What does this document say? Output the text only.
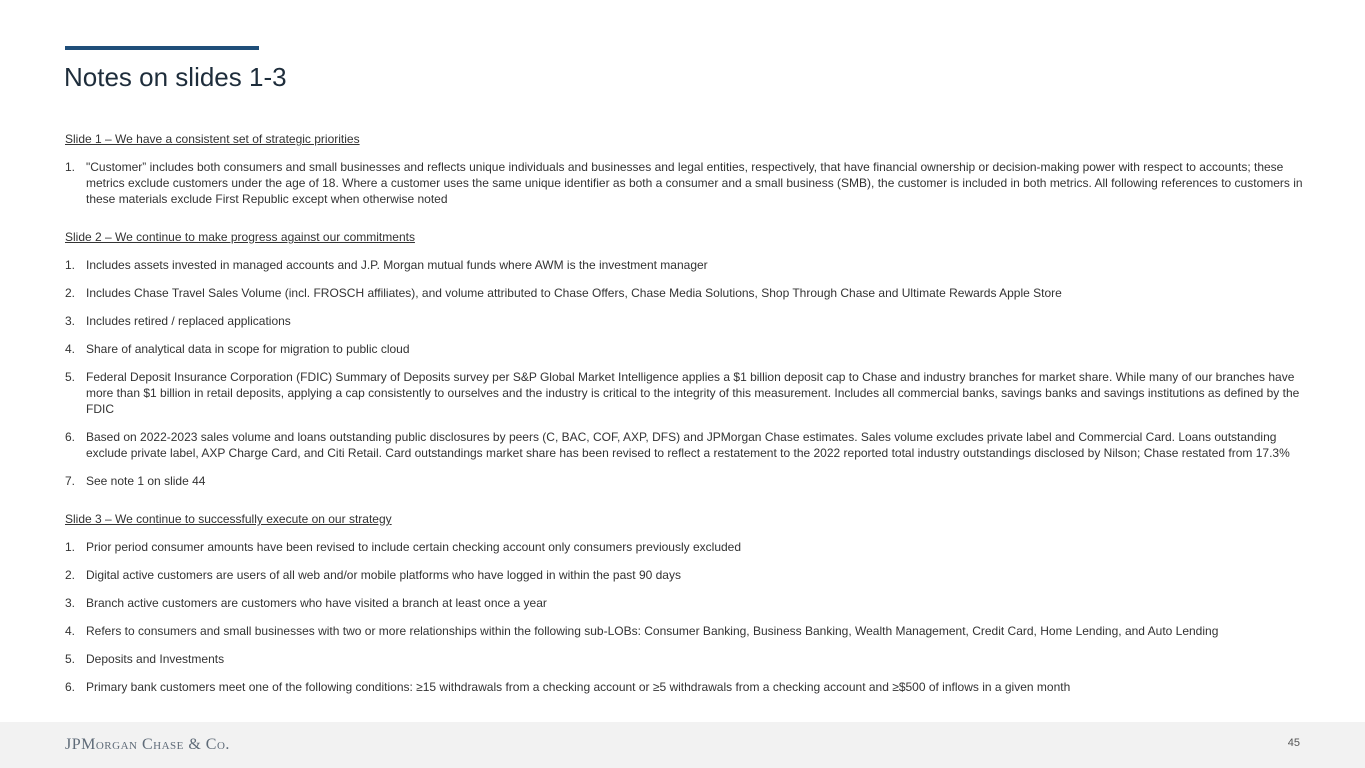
Notes on slides 1-3
Slide 1 – We have a consistent set of strategic priorities
1. "Customer” includes both consumers and small businesses and reflects unique individuals and businesses and legal entities, respectively, that have financial ownership or decision-making power with respect to accounts; these metrics exclude customers under the age of 18. Where a customer uses the same unique identifier as both a consumer and a small business (SMB), the customer is included in both metrics. All following references to customers in these materials exclude First Republic except when otherwise noted
Slide 2 – We continue to make progress against our commitments
1. Includes assets invested in managed accounts and J.P. Morgan mutual funds where AWM is the investment manager
2. Includes Chase Travel Sales Volume (incl. FROSCH affiliates), and volume attributed to Chase Offers, Chase Media Solutions, Shop Through Chase and Ultimate Rewards Apple Store
3. Includes retired / replaced applications
4. Share of analytical data in scope for migration to public cloud
5. Federal Deposit Insurance Corporation (FDIC) Summary of Deposits survey per S&P Global Market Intelligence applies a $1 billion deposit cap to Chase and industry branches for market share. While many of our branches have more than $1 billion in retail deposits, applying a cap consistently to ourselves and the industry is critical to the integrity of this measurement. Includes all commercial banks, savings banks and savings institutions as defined by the FDIC
6. Based on 2022-2023 sales volume and loans outstanding public disclosures by peers (C, BAC, COF, AXP, DFS) and JPMorgan Chase estimates. Sales volume excludes private label and Commercial Card. Loans outstanding exclude private label, AXP Charge Card, and Citi Retail. Card outstandings market share has been revised to reflect a restatement to the 2022 reported total industry outstandings disclosed by Nilson; Chase restated from 17.3%
7. See note 1 on slide 44
Slide 3 – We continue to successfully execute on our strategy
1. Prior period consumer amounts have been revised to include certain checking account only consumers previously excluded
2. Digital active customers are users of all web and/or mobile platforms who have logged in within the past 90 days
3. Branch active customers are customers who have visited a branch at least once a year
4. Refers to consumers and small businesses with two or more relationships within the following sub-LOBs: Consumer Banking, Business Banking, Wealth Management, Credit Card, Home Lending, and Auto Lending
5. Deposits and Investments
6. Primary bank customers meet one of the following conditions: ≥15 withdrawals from a checking account or ≥5 withdrawals from a checking account and ≥$500 of inflows in a given month
JPMorgan Chase & Co.	45
